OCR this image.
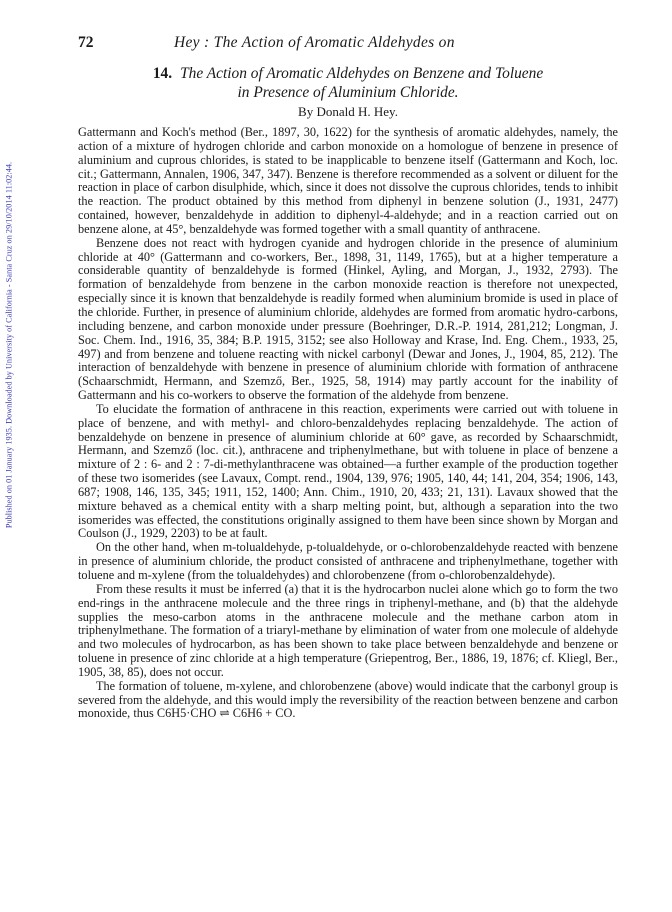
Published on 01 January 1935. Downloaded by University of California - Santa Cruz on 29/10/2014 11:02:44.
72	Hey : The Action of Aromatic Aldehydes on
14. The Action of Aromatic Aldehydes on Benzene and Toluene
in Presence of Aluminium Chloride.
By Donald H. Hey.

Gattermann and Koch's method (Ber., 1897, 30, 1622) for the synthesis of aromatic aldehydes, namely, the action of a mixture of hydrogen chloride and carbon monoxide on a homologue of benzene in presence of aluminium and cuprous chlorides, is stated to be inapplicable to benzene itself (Gattermann and Koch, loc. cit.; Gattermann, Annalen, 1906, 347, 347). Benzene is therefore recommended as a solvent or diluent for the reaction in place of carbon disulphide, which, since it does not dissolve the cuprous chlorides, tends to inhibit the reaction. The product obtained by this method from diphenyl in benzene solution (J., 1931, 2477) contained, however, benzaldehyde in addition to diphenyl-4-aldehyde; and in a reaction carried out on benzene alone, at 45°, benzaldehyde was formed together with a small quantity of anthracene.

Benzene does not react with hydrogen cyanide and hydrogen chloride in the presence of aluminium chloride at 40° (Gattermann and co-workers, Ber., 1898, 31, 1149, 1765), but at a higher temperature a considerable quantity of benzaldehyde is formed (Hinkel, Ayling, and Morgan, J., 1932, 2793). The formation of benzaldehyde from benzene in the carbon monoxide reaction is therefore not unexpected, especially since it is known that benzaldehyde is readily formed when aluminium bromide is used in place of the chloride. Further, in presence of aluminium chloride, aldehydes are formed from aromatic hydro-carbons, including benzene, and carbon monoxide under pressure (Boehringer, D.R.-P. 1914, 281,212; Longman, J. Soc. Chem. Ind., 1916, 35, 384; B.P. 1915, 3152; see also Holloway and Krase, Ind. Eng. Chem., 1933, 25, 497) and from benzene and toluene reacting with nickel carbonyl (Dewar and Jones, J., 1904, 85, 212). The interaction of benzaldehyde with benzene in presence of aluminium chloride with formation of anthracene (Schaarschmidt, Hermann, and Szemző, Ber., 1925, 58, 1914) may partly account for the inability of Gattermann and his co-workers to observe the formation of the aldehyde from benzene.

To elucidate the formation of anthracene in this reaction, experiments were carried out with toluene in place of benzene, and with methyl- and chloro-benzaldehydes replacing benzaldehyde. The action of benzaldehyde on benzene in presence of aluminium chloride at 60° gave, as recorded by Schaarschmidt, Hermann, and Szemző (loc. cit.), anthracene and triphenylmethane, but with toluene in place of benzene a mixture of 2 : 6- and 2 : 7-di-methylanthracene was obtained—a further example of the production together of these two isomerides (see Lavaux, Compt. rend., 1904, 139, 976; 1905, 140, 44; 141, 204, 354; 1906, 143, 687; 1908, 146, 135, 345; 1911, 152, 1400; Ann. Chim., 1910, 20, 433; 21, 131). Lavaux showed that the mixture behaved as a chemical entity with a sharp melting point, but, although a separation into the two isomerides was effected, the constitutions originally assigned to them have been since shown by Morgan and Coulson (J., 1929, 2203) to be at fault.

On the other hand, when m-tolualdehyde, p-tolualdehyde, or o-chlorobenzaldehyde reacted with benzene in presence of aluminium chloride, the product consisted of anthracene and triphenylmethane, together with toluene and m-xylene (from the tolualdehydes) and chlorobenzene (from o-chlorobenzaldehyde).

From these results it must be inferred (a) that it is the hydrocarbon nuclei alone which go to form the two end-rings in the anthracene molecule and the three rings in triphenyl-methane, and (b) that the aldehyde supplies the meso-carbon atoms in the anthracene molecule and the methane carbon atom in triphenylmethane. The formation of a triaryl-methane by elimination of water from one molecule of aldehyde and two molecules of hydrocarbon, as has been shown to take place between benzaldehyde and benzene or toluene in presence of zinc chloride at a high temperature (Griepentrog, Ber., 1886, 19, 1876; cf. Kliegl, Ber., 1905, 38, 85), does not occur.

The formation of toluene, m-xylene, and chlorobenzene (above) would indicate that the carbonyl group is severed from the aldehyde, and this would imply the reversibility of the reaction between benzene and carbon monoxide, thus C6H5·CHO ⇌ C6H6 + CO.
